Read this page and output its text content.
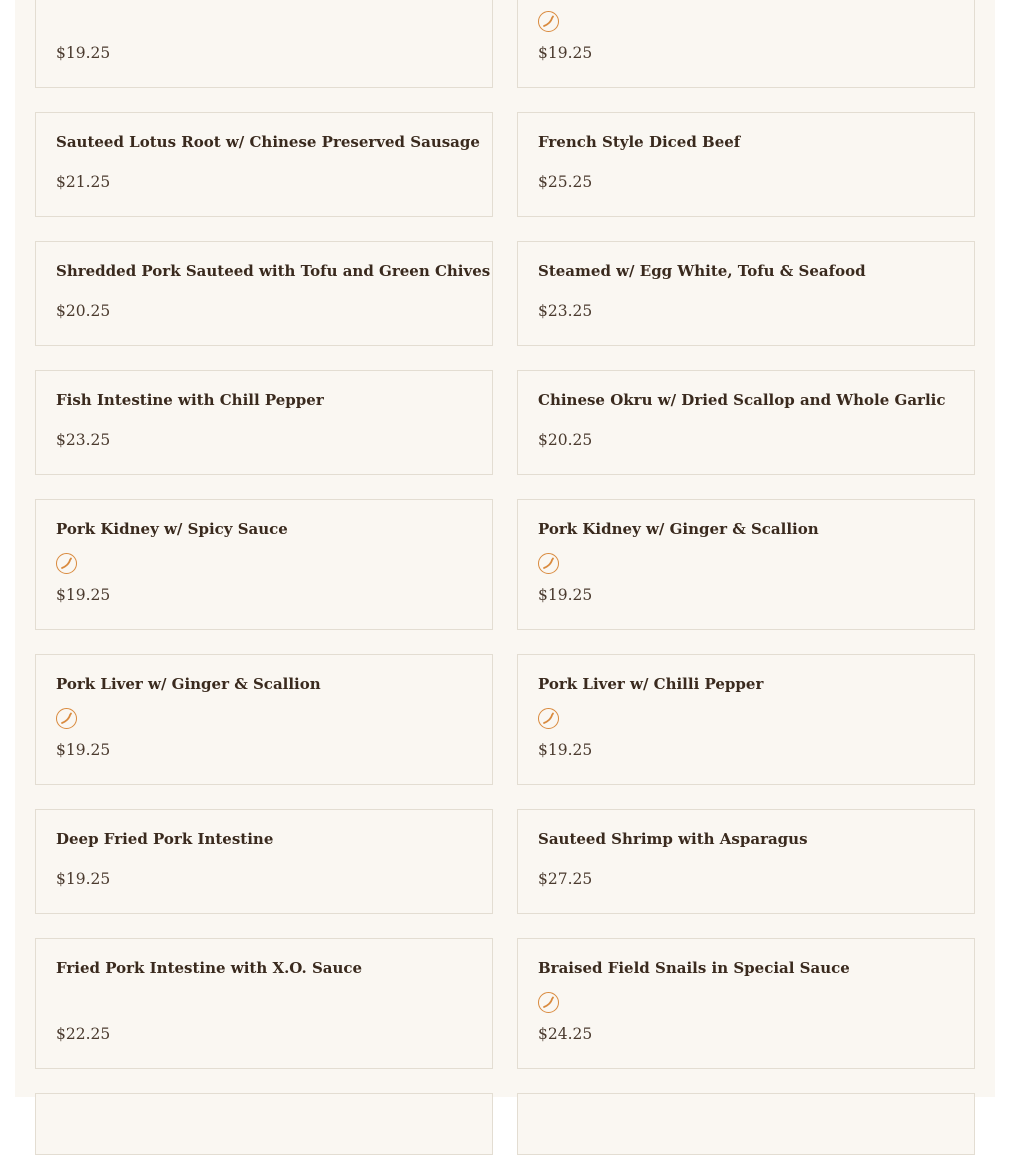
$19.25	$19.25
Sauteed Lotus Root w/ Chinese Preserved Sausage
$21.25
French Style Diced Beef
$25.25
Shredded Pork Sauteed with Tofu and Green Chives
$20.25
Steamed w/ Egg White, Tofu & Seafood
$23.25
Fish Intestine with Chill Pepper
$23.25
Chinese Okru w/ Dried Scallop and Whole Garlic
$20.25
Pork Kidney w/ Spicy Sauce
$19.25
Pork Kidney w/ Ginger & Scallion
$19.25
Pork Liver w/ Ginger & Scallion
$19.25
Pork Liver w/ Chilli Pepper
$19.25
Deep Fried Pork Intestine
$19.25
Sauteed Shrimp with Asparagus
$27.25
Fried Pork Intestine with X.O. Sauce
$22.25
Braised Field Snails in Special Sauce
$24.25
